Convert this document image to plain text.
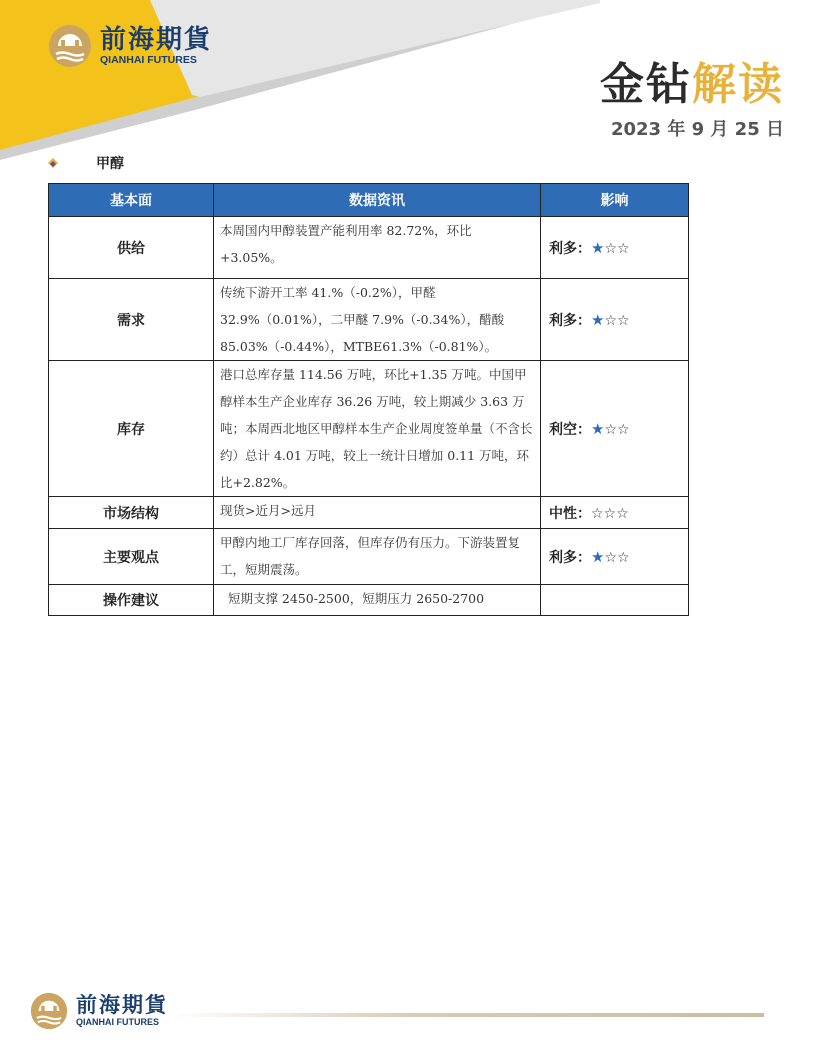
前海期貨
QIANHAI FUTURES	金钻解读
2023 年 9 月 25 日
甲醇
基本面	数据资讯	影响
供给	本周国内甲醇装置产能利用率 82.72%，环比+3.05%。	利多：★☆☆
需求	传统下游开工率 41.%（-0.2%），甲醛 32.9%（0.01%），二甲醚 7.9%（-0.34%），醋酸 85.03%（-0.44%），MTBE61.3%（-0.81%）。	利多：★☆☆
库存	港口总库存量 114.56 万吨，环比+1.35 万吨。中国甲醇样本生产企业库存 36.26 万吨，较上期减少 3.63 万吨；本周西北地区甲醇样本生产企业周度签单量（不含长约）总计 4.01 万吨，较上一统计日增加 0.11 万吨，环比+2.82%。	利空：★☆☆
市场结构	现货>近月>远月	中性：☆☆☆
主要观点	甲醇内地工厂库存回落，但库存仍有压力。下游装置复工，短期震荡。	利多：★☆☆
操作建议	短期支撑 2450-2500，短期压力 2650-2700	
前海期貨
QIANHAI FUTURES
